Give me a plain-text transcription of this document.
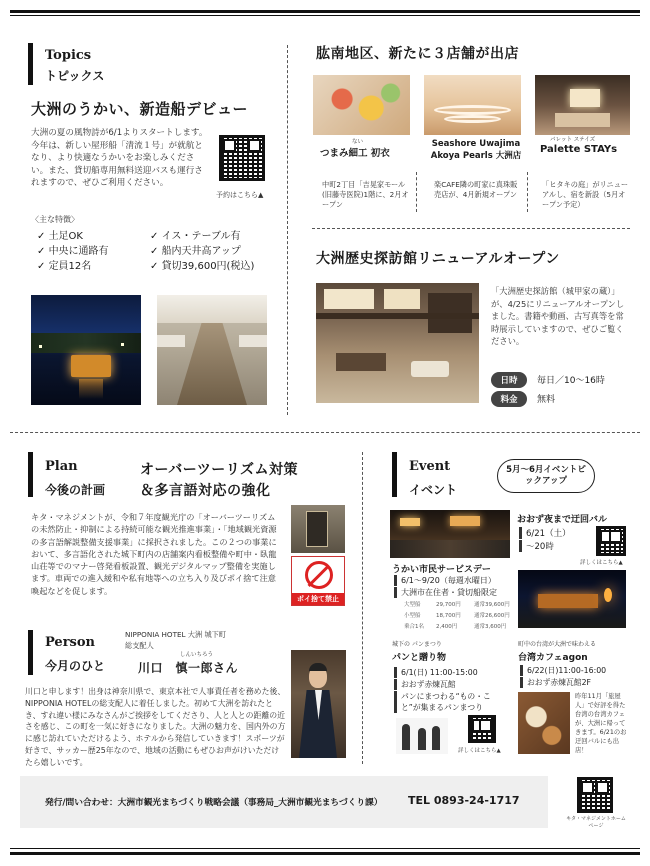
Topics
トピックス
大洲のうかい、新造船デビュー
大洲の夏の風物詩が6/1よりスタートします。今年は、新しい屋形船「清流１号」が就航となり、より快適なうかいをお楽しみください。また、貸切船専用無料送迎バスも運行されますので、ぜひご利用ください。
予約はこちら▲
〈主な特徴〉
✓ 土足OK	✓ イス・テーブル有
✓ 中央に通路有	✓ 船内天井高アップ
✓ 定員12名	✓ 貸切39,600円(税込)
肱南地区、新たに３店舗が出店
ない
つまみ細工 初衣
Seashore Uwajima Akoya Pearls 大洲店
パレット ステイズ
Palette STAYs
中町2丁目「吉晃家モール(旧藤寺医院)1階に、2月オープン
楽CAFE隣の町家に真珠販売店が、4月新規オープン
「ヒタキの庭」がリニューアルし、宿を新設（5月オープン予定）
大洲歴史探訪館リニューアルオープン
「大洲歴史探訪館（城甲家の蔵）」が、4/25にリニューアルオープンしました。書籍や動画、古写真等を常時展示していますので、ぜひご覧ください。
日時	毎日／10〜16時
料金	無料
Plan
今後の計画
オーバーツーリズム対策
＆多言語対応の強化
キタ・マネジメントが、令和７年度観光庁の「オーバーツーリズムの未然防止・抑制による持続可能な観光推進事業」・「地域観光資源の多言語解説整備支援事業」に採択されました。この２つの事業において、多言語化された城下町内の店舗案内看板整備や町中・臥龍山荘等でのマナー啓発看板設置、観光デジタルマップ整備を実施します。車両での進入緩和や私有地等への立ち入り及びポイ捨て注意喚起などを促します。
ポイ捨て禁止
Person
今月のひと
NIPPONIA HOTEL 大洲 城下町
総支配人
しんいちろう
川口　慎一郎さん
川口と申します！出身は神奈川県で、東京本社で人事責任者を務めた後、NIPPONIA HOTELの総支配人に着任しました。初めて大洲を訪れたとき、すれ違い様にみなさんがご挨拶をしてくださり、人と人との距離の近さを感じ、この町を一気に好きになりました。大洲の魅力を、国内外の方に感じ訪れていただけるよう、ホテルから発信していきます！スポーツが好きで、サッカー歴25年なので、地域の活動にもぜひお声がけいただけたら嬉しいです。
Event
イベント
5月〜6月イベントピックアップ
おおず夜まで迂回バル
6/21（土）
〜20時
詳しくはこちら▲
うかい市民サービスデー
6/1〜9/20（毎週水曜日）
大洲市在住者・貸切船限定
大型船	29,700円	通常39,600円
小型船	18,700円	通常26,600円
乗合1名	2,400円	通常3,600円
城下の パンまつり
パンと贈り物
6/1(日) 11:00-15:00
おおず赤煉瓦館
パンにまつわる“もの・こと”が集まるパンまつり
詳しくはこちら▲
町中の台湾が大洲で味わえる
台湾カフェagon
6/22(日)11:00-16:00
おおず赤煉瓦館2F
昨年11月「旅屋人」で好評を得た台湾の台湾カフェが、大洲に帰ってきます。6/21のお迂回バルにも出店！
発行/問い合わせ：大洲市観光まちづくり戦略会議（事務局_大洲市観光まちづくり課） TEL 0893-24-1717
キタ・マネジメントホームページ
